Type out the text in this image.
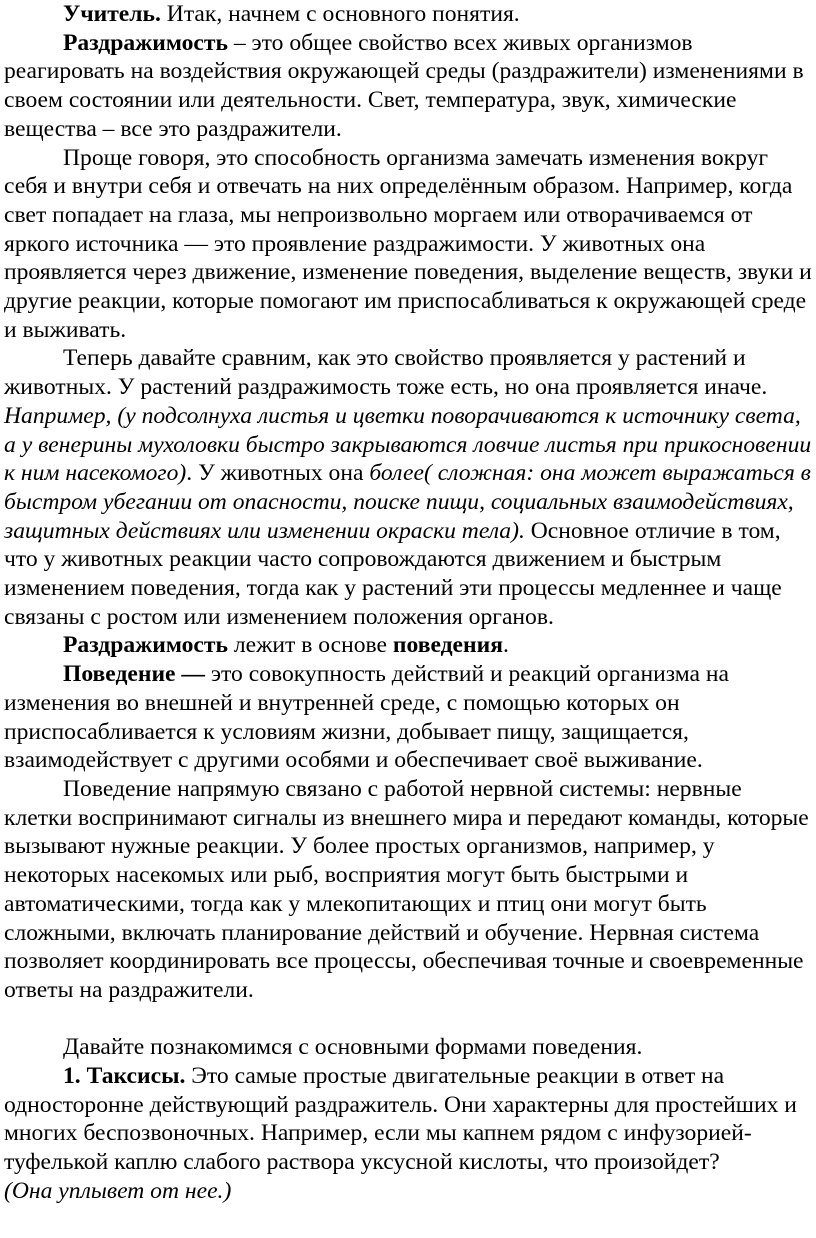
Учитель. Итак, начнем с основного понятия.

Раздражимость – это общее свойство всех живых организмов реагировать на воздействия окружающей среды (раздражители) изменениями в своем состоянии или деятельности. Свет, температура, звук, химические вещества – все это раздражители.

Проще говоря, это способность организма замечать изменения вокруг себя и внутри себя и отвечать на них определённым образом. Например, когда свет попадает на глаза, мы непроизвольно моргаем или отворачиваемся от яркого источника — это проявление раздражимости. У животных она проявляется через движение, изменение поведения, выделение веществ, звуки и другие реакции, которые помогают им приспосабливаться к окружающей среде и выживать.

Теперь давайте сравним, как это свойство проявляется у растений и животных. У растений раздражимость тоже есть, но она проявляется иначе. Например, (у подсолнуха листья и цветки поворачиваются к источнику света, а у венерины мухоловки быстро закрываются ловчие листья при прикосновении к ним насекомого). У животных она более( сложная: она может выражаться в быстром убегании от опасности, поиске пищи, социальных взаимодействиях, защитных действиях или изменении окраски тела). Основное отличие в том, что у животных реакции часто сопровождаются движением и быстрым изменением поведения, тогда как у растений эти процессы медленнее и чаще связаны с ростом или изменением положения органов.

Раздражимость лежит в основе поведения.

Поведение — это совокупность действий и реакций организма на изменения во внешней и внутренней среде, с помощью которых он приспосабливается к условиям жизни, добывает пищу, защищается, взаимодействует с другими особями и обеспечивает своё выживание.

Поведение напрямую связано с работой нервной системы: нервные клетки воспринимают сигналы из внешнего мира и передают команды, которые вызывают нужные реакции. У более простых организмов, например, у некоторых насекомых или рыб, восприятия могут быть быстрыми и автоматическими, тогда как у млекопитающих и птиц они могут быть сложными, включать планирование действий и обучение. Нервная система позволяет координировать все процессы, обеспечивая точные и своевременные ответы на раздражители.

Давайте познакомимся с основными формами поведения.

1. Таксисы. Это самые простые двигательные реакции в ответ на односторонне действующий раздражитель. Они характерны для простейших и многих беспозвоночных. Например, если мы капнем рядом с инфузорией-туфелькой каплю слабого раствора уксусной кислоты, что произойдет?

(Она уплывет от нее.)
